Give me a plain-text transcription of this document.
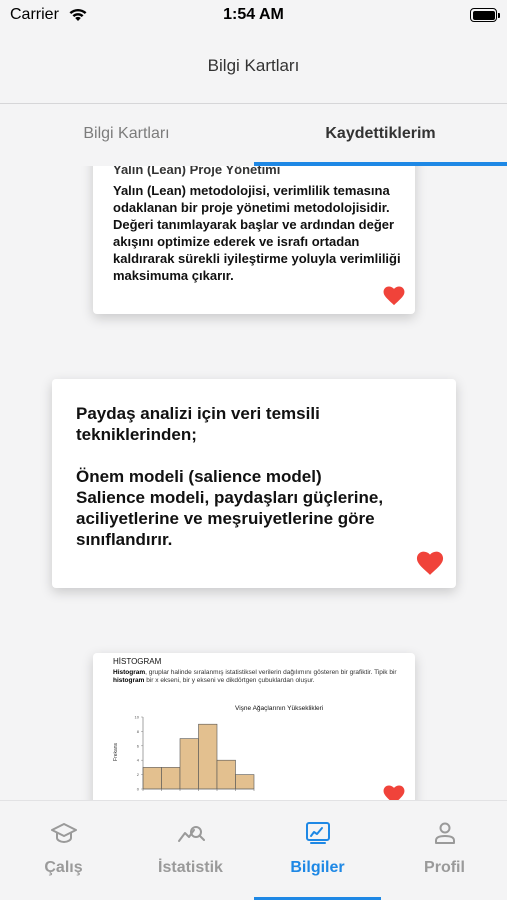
Carrier	1:54 AM
Bilgi Kartları
Bilgi Kartları	Kaydettiklerim
Yalın (Lean) Proje Yönetimi
Yalın (Lean) metodolojisi, verimlilik temasına odaklanan bir proje yönetimi metodolojisidir. Değeri tanımlayarak başlar ve ardından değer akışını optimize ederek ve israfı ortadan kaldırarak sürekli iyileştirme yoluyla verimliliği maksimuma çıkarır.
Paydaş analizi için veri temsili tekniklerinden;

Önem modeli (salience model)
Salience modeli, paydaşları güçlerine, aciliyetlerine ve meşruiyetlerine göre sınıflandırır.
HİSTOGRAM
Histogram, gruplar halinde sıralanmış istatistiksel verilerin dağılımını gösteren bir grafiktir. Tipik bir histogram bir x ekseni, bir y ekseni ve dikdörtgen çubuklardan oluşur.
Vişne Ağaçlarının Yükseklikleri
Frekans
0
2
4
6
8
10
Çalış	İstatistik	Bilgiler	Profil
